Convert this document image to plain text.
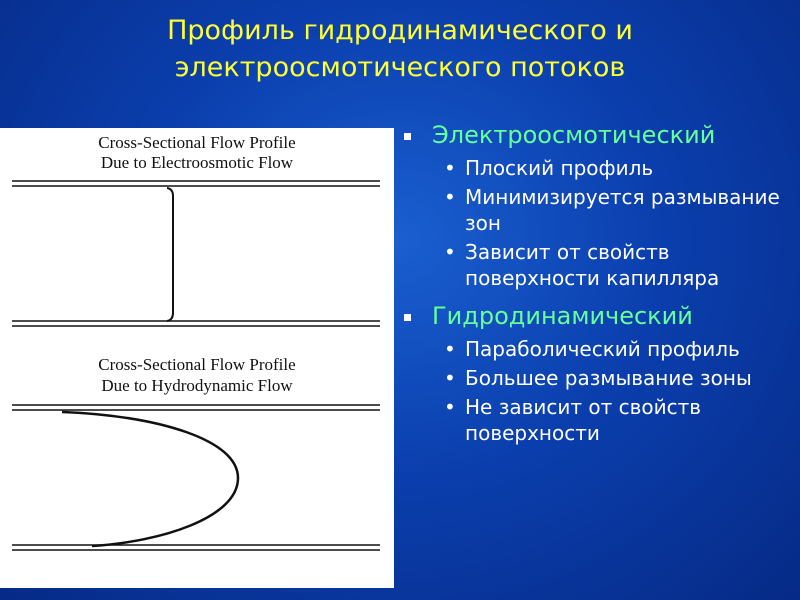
Профиль гидродинамического и
электроосмотического потоков
Cross-Sectional Flow Profile
Due to Electroosmotic Flow
Cross-Sectional Flow Profile
Due to Hydrodynamic Flow
Электроосмотический
• Плоский профиль
• Минимизируется размывание зон
• Зависит от свойств поверхности капилляра
Гидродинамический
• Параболический профиль
• Большее размывание зоны
• Не зависит от свойств поверхности
